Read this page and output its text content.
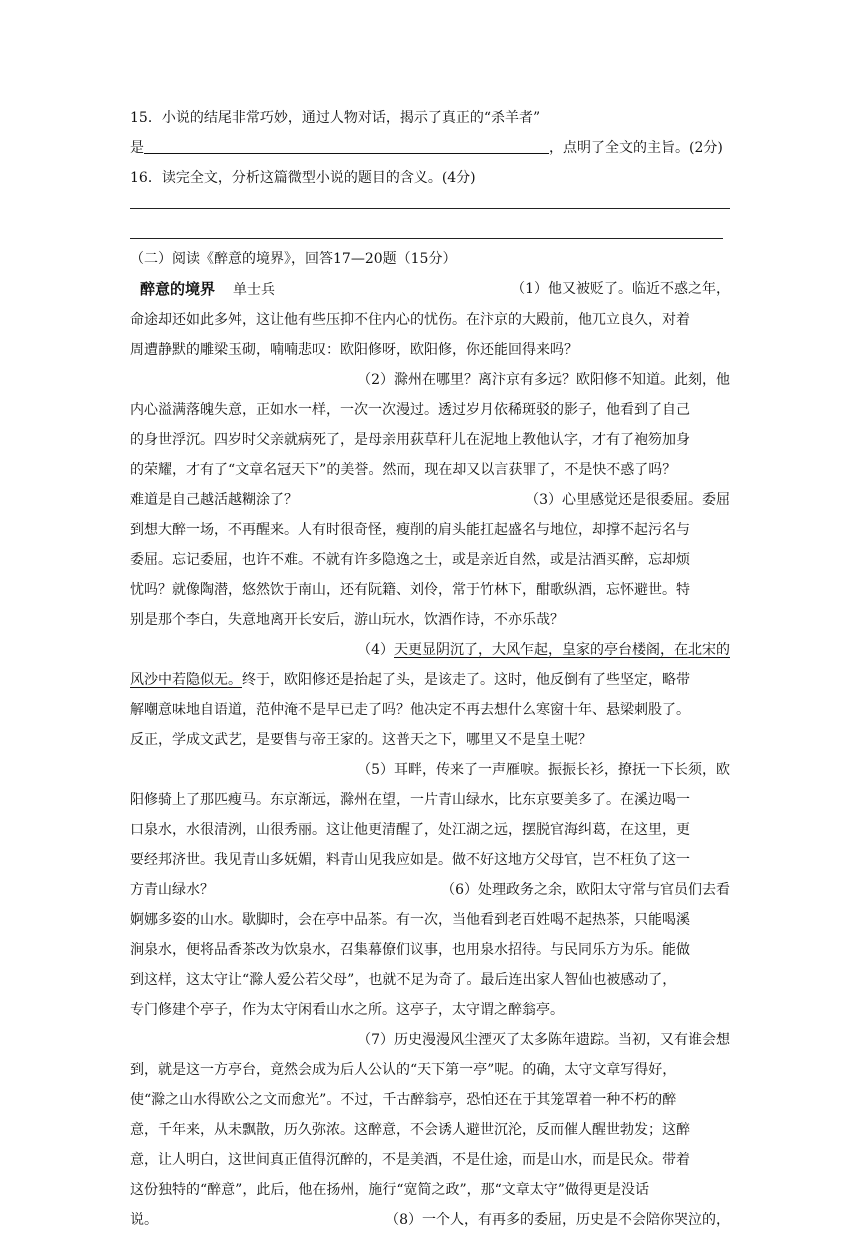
15．小说的结尾非常巧妙，通过人物对话，揭示了真正的“杀羊者”
是	，点明了全文的主旨。(2分)
16．读完全文，分析这篇微型小说的题目的含义。(4分)
（二）阅读《醉意的境界》，回答17—20题（15分）
醉意的境界 单士兵	（1）他又被贬了。临近不惑之年，
命途却还如此多舛，这让他有些压抑不住内心的忧伤。在汴京的大殿前，他兀立良久，对着
周遭静默的雕梁玉砌，喃喃悲叹：欧阳修呀，欧阳修，你还能回得来吗？
（2）滁州在哪里？离汴京有多远？欧阳修不知道。此刻，他
内心溢满落魄失意，正如水一样，一次一次漫过。透过岁月依稀斑驳的影子，他看到了自己
的身世浮沉。四岁时父亲就病死了，是母亲用荻草秆儿在泥地上教他认字，才有了袍笏加身
的荣耀，才有了“文章名冠天下”的美誉。然而，现在却又以言获罪了，不是快不惑了吗？
难道是自己越活越糊涂了？	（3）心里感觉还是很委屈。委屈
到想大醉一场，不再醒来。人有时很奇怪，瘦削的肩头能扛起盛名与地位，却撑不起污名与
委屈。忘记委屈，也许不难。不就有许多隐逸之士，或是亲近自然，或是沽酒买醉，忘却烦
忧吗？就像陶潜，悠然饮于南山，还有阮籍、刘伶，常于竹林下，酣歌纵酒，忘怀避世。特
别是那个李白，失意地离开长安后，游山玩水，饮酒作诗，不亦乐哉？
（4）天更显阴沉了，大风乍起，皇家的亭台楼阁，在北宋的
风沙中若隐似无。终于，欧阳修还是抬起了头，是该走了。这时，他反倒有了些坚定，略带
解嘲意味地自语道，范仲淹不是早已走了吗？他决定不再去想什么寒窗十年、悬梁刺股了。
反正，学成文武艺，是要售与帝王家的。这普天之下，哪里又不是皇土呢？
（5）耳畔，传来了一声雁唳。振振长衫，撩抚一下长须，欧
阳修骑上了那匹瘦马。东京渐远，滁州在望，一片青山绿水，比东京要美多了。在溪边喝一
口泉水，水很清洌，山很秀丽。这让他更清醒了，处江湖之远，摆脱官海纠葛，在这里，更
要经邦济世。我见青山多妩媚，料青山见我应如是。做不好这地方父母官，岂不枉负了这一
方青山绿水？	（6）处理政务之余，欧阳太守常与官员们去看
婀娜多姿的山水。歇脚时，会在亭中品茶。有一次，当他看到老百姓喝不起热茶，只能喝溪
涧泉水，便将品香茶改为饮泉水，召集幕僚们议事，也用泉水招待。与民同乐方为乐。能做
到这样，这太守让“滁人爱公若父母”，也就不足为奇了。最后连出家人智仙也被感动了，
专门修建个亭子，作为太守闲看山水之所。这亭子，太守谓之醉翁亭。
（7）历史漫漫风尘湮灭了太多陈年遗踪。当初，又有谁会想
到，就是这一方亭台，竟然会成为后人公认的“天下第一亭”呢。的确，太守文章写得好，
使“滁之山水得欧公之文而愈光”。不过，千古醉翁亭，恐怕还在于其笼罩着一种不朽的醉
意，千年来，从未飘散，历久弥浓。这醉意，不会诱人避世沉沦，反而催人醒世勃发；这醉
意，让人明白，这世间真正值得沉醉的，不是美酒，不是仕途，而是山水，而是民众。带着
这份独特的“醉意”，此后，他在扬州，施行“宽简之政”，那“文章太守”做得更是没话
说。	（8）一个人，有再多的委屈，历史是不会陪你哭泣的，
